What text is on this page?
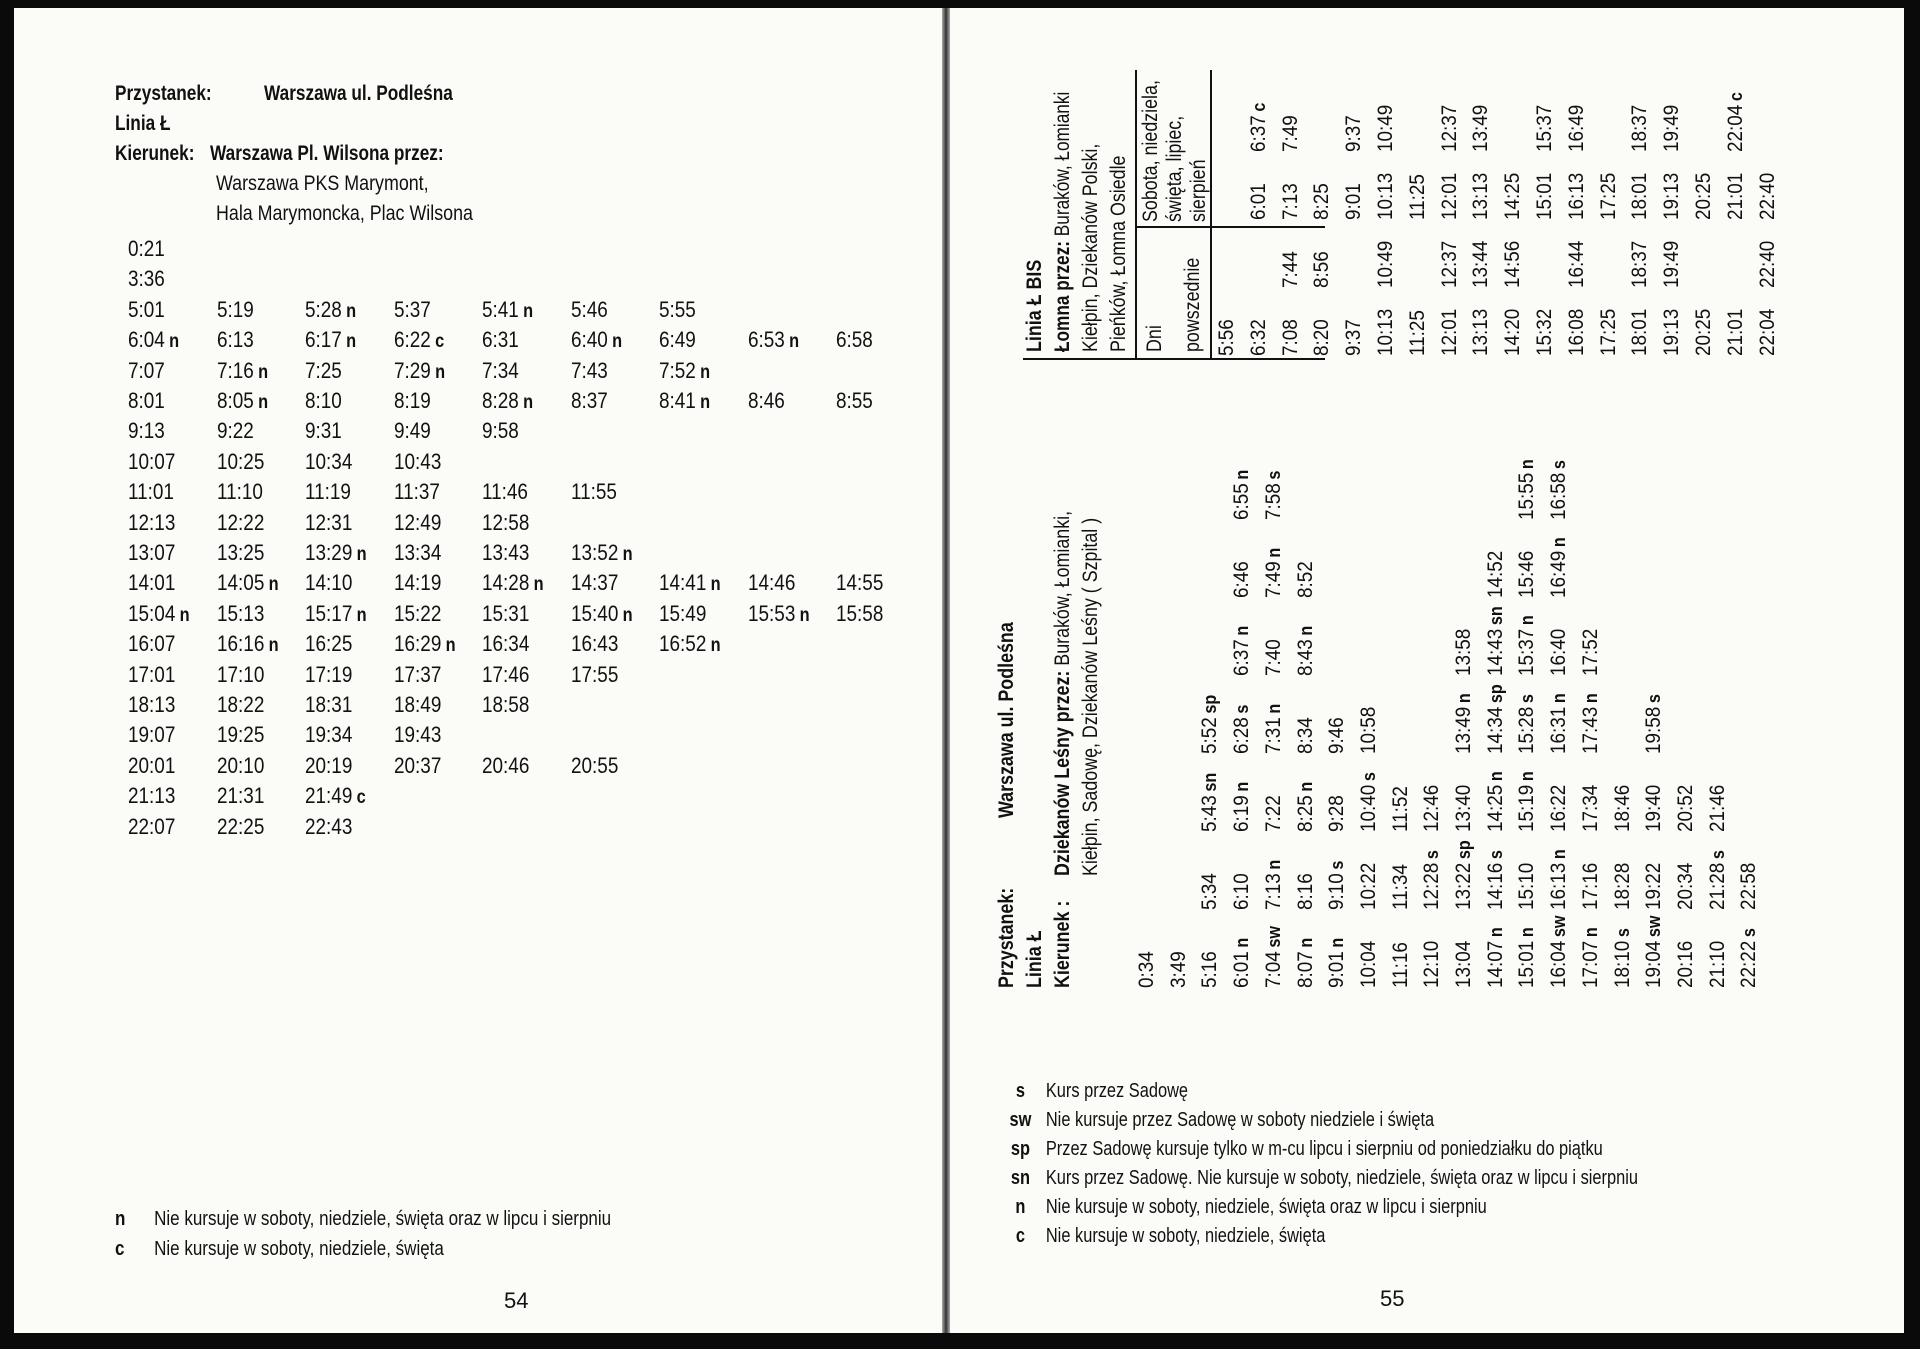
Przystanek: Warszawa ul. Podleśna
Linia Ł
Kierunek: Warszawa Pl. Wilsona przez:
Warszawa PKS Marymont,
Hala Marymoncka, Plac Wilsona
0:21
3:36
5:01 5:19 5:28 n 5:37 5:41 n 5:46 5:55
6:04 n 6:13 6:17 n 6:22 c 6:31 6:40 n 6:49 6:53 n 6:58
7:07 7:16 n 7:25 7:29 n 7:34 7:43 7:52 n
8:01 8:05 n 8:10 8:19 8:28 n 8:37 8:41 n 8:46 8:55
9:13 9:22 9:31 9:49 9:58
10:07 10:25 10:34 10:43
11:01 11:10 11:19 11:37 11:46 11:55
12:13 12:22 12:31 12:49 12:58
13:07 13:25 13:29 n 13:34 13:43 13:52 n
14:01 14:05 n 14:10 14:19 14:28 n 14:37 14:41 n 14:46 14:55
15:04 n 15:13 15:17 n 15:22 15:31 15:40 n 15:49 15:53 n 15:58
16:07 16:16 n 16:25 16:29 n 16:34 16:43 16:52 n
17:01 17:10 17:19 17:37 17:46 17:55
18:13 18:22 18:31 18:49 18:58
19:07 19:25 19:34 19:43
20:01 20:10 20:19 20:37 20:46 20:55
21:13 21:31 21:49 c
22:07 22:25 22:43
n Nie kursuje w soboty, niedziele, święta oraz w lipcu i sierpniu
c Nie kursuje w soboty, niedziele, święta
54
Przystanek:
Warszawa ul. Podleśna
Linia Ł Kierunek :
Dziekanów Leśny przez: Buraków, Łomianki, Kiełpin, Sadowę, Dziekanów Leśny ( Szpital )
0:34 3:49 5:16
5:34
5:43sn
5:52sp
6:01n
6:10
6:19n
6:28s
6:37n
6:46
6:55n
7:04sw
7:13n
7:22
7:31n
7:40
7:49n
7:58s
8:07n
8:16
8:25n
8:34
8:43n
8:52
9:01n
9:10s
9:28
9:46
10:04
10:22
10:40s
10:58
11:16
11:34
11:52
12:10
12:28s
12:46
13:04
13:22sp
13:40
13:49n
13:58
14:07n
14:16s
14:25n
14:34sp
14:43sn
14:52
15:01n
15:10
15:19n
15:28s
15:37n
15:46
15:55n
16:04sw
16:13n
16:22
16:31n
16:40
16:49n
16:58s
17:07n
17:16
17:34
17:43n
17:52
18:10s
18:28
18:46
19:04sw
19:22
19:40
19:58s
20:16
20:34
20:52
21:10
21:28s
21:46
22:22s
22:58
Linia Ł BIS Łomna przez: Buraków, Łomianki Kiełpin, Dziekanów Polski, Pieńków, Łomna Osiedle Dni powszednie
Sobota, niedziela, święta, lipiec, sierpień
5:56 6:32
6:01
6:37c
7:08
7:44
7:13
7:49
8:20
8:56
8:25
9:37
9:01
9:37
10:13
10:49
10:13
10:49
11:25
11:25
12:01
12:37
12:01
12:37
13:13
13:44
13:13
13:49
14:20
14:56
14:25
15:32
15:01
15:37
16:08
16:44
16:13
16:49
17:25
17:25
18:01
18:37
18:01
18:37
19:13
19:49
19:13
19:49
20:25
20:25
21:01
21:01
22:04c
22:04
22:40
22:40
s Kurs przez Sadowę
sw Nie kursuje przez Sadowę w soboty niedziele i święta
sp Przez Sadowę kursuje tylko w m-cu lipcu i sierpniu od poniedziałku do piątku
sn Kurs przez Sadowę. Nie kursuje w soboty, niedziele, święta oraz w lipcu i sierpniu
n Nie kursuje w soboty, niedziele, święta oraz w lipcu i sierpniu
c Nie kursuje w soboty, niedziele, święta
55
